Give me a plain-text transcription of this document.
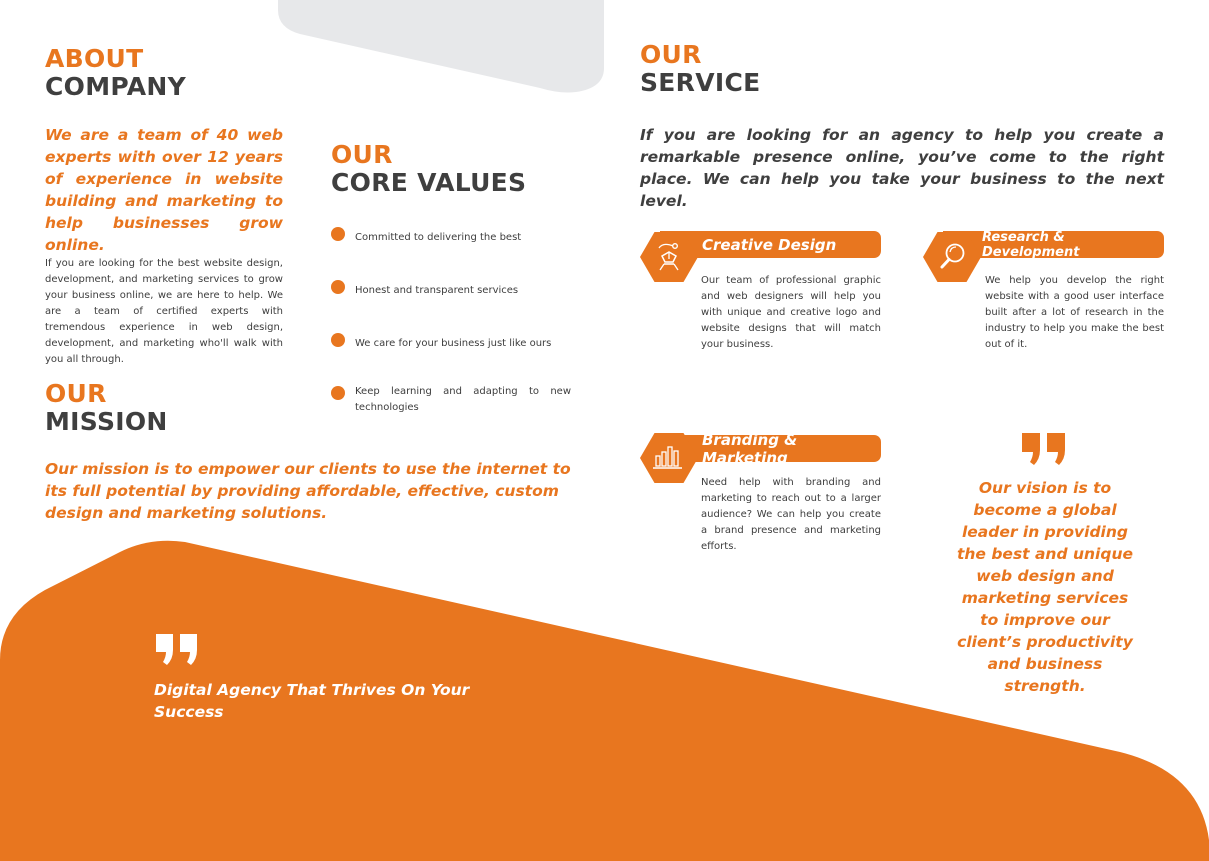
ABOUT
COMPANY
We are a team of 40 web experts with over 12 years of experience in website building and marketing to help businesses grow online.
If you are looking for the best website design, development, and marketing services to grow your business online, we are here to help. We are a team of certified experts with tremendous experience in web design, development, and marketing who'll walk with you all through.
OUR
CORE VALUES
Committed to delivering the best
Honest and transparent services
We care for your business just like ours
Keep learning and adapting to new technologies
OUR
MISSION
Our mission is to empower our clients to use the internet to its full potential by providing affordable, effective, custom design and marketing solutions.
Digital Agency That Thrives On Your Success
OUR
SERVICE
If you are looking for an agency to help you create a remarkable presence online, you’ve come to the right place. We can help you take your business to the next level.
Creative Design
Our team of professional graphic and web designers will help you with unique and creative logo and website designs that will match your business.
Research & Development
We help you develop the right website with a good user interface built after a lot of research in the industry to help you make the best out of it.
Branding & Marketing
Need help with branding and marketing to reach out to a larger audience? We can help you create a brand presence and marketing efforts.
Our vision is to become a global leader in providing the best and unique web design and marketing services to improve our client’s productivity and business strength.
